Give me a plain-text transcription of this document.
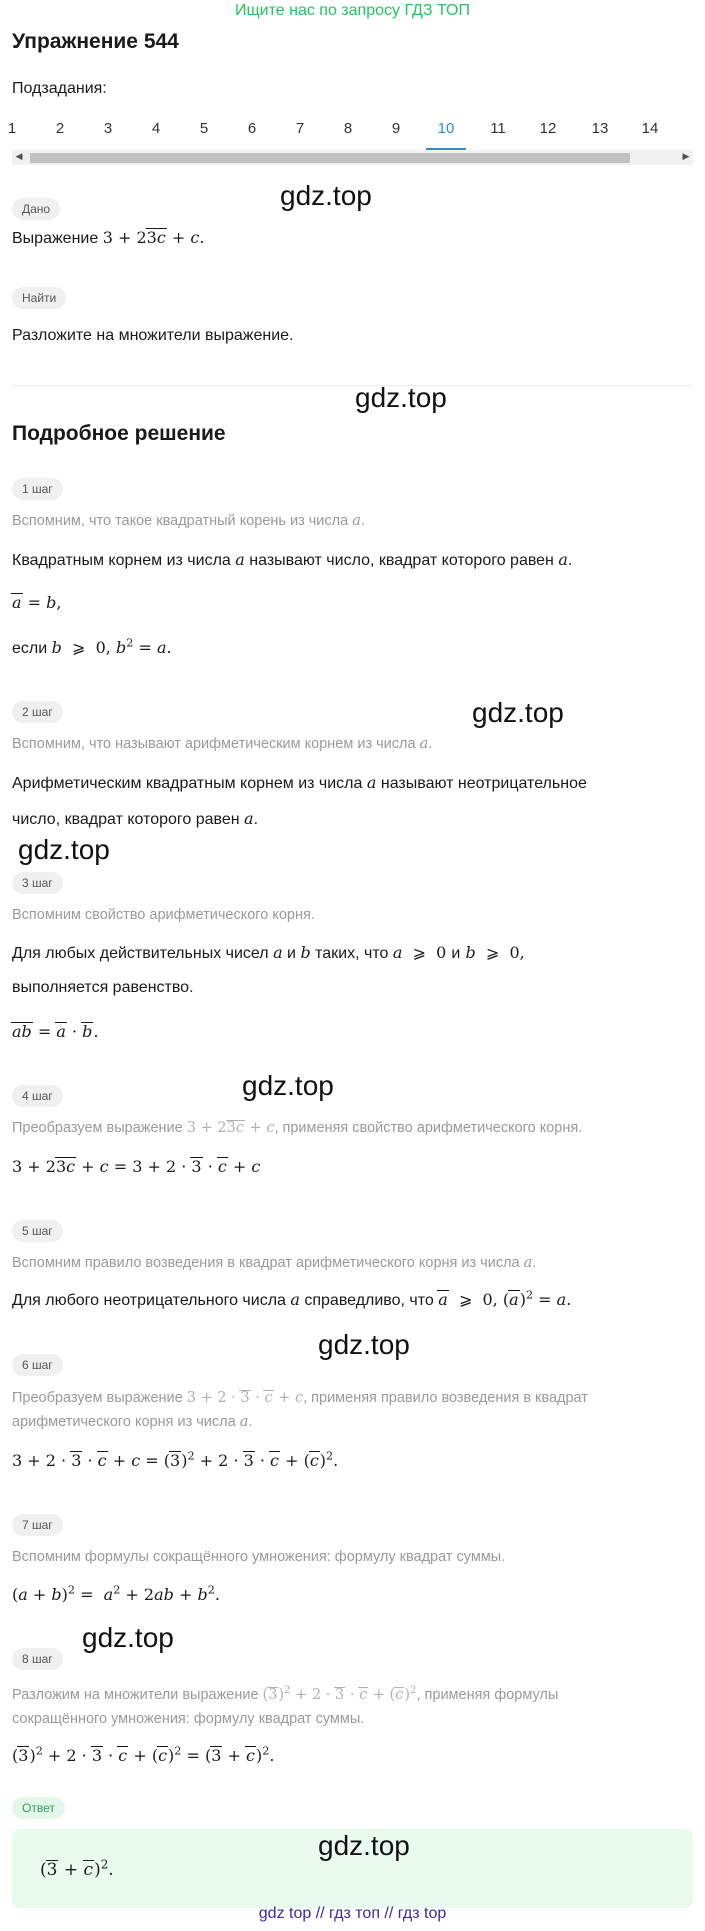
Ищите нас по запросу ГДЗ ТОП
Упражнение 544
Подзадания:
1	2	3	4	5	6	7	8	9	10	11	12	13	14
◀	▶
Дано	gdz.top
Выражение 3 + 23c + c.
Найти
Разложите на множители выражение.
gdz.top
Подробное решение
1 шаг
Вспомним, что такое квадратный корень из числа a.
Квадратным корнем из числа a называют число, квадрат которого равен a.
a = b,
если b  ⩾  0, $b^2 = a$.
2 шаг	gdz.top
Вспомним, что называют арифметическим корнем из числа a.
Арифметическим квадратным корнем из числа a называют неотрицательное
число, квадрат которого равен a.
gdz.top
3 шаг
Вспомним свойство арифметического корня.
Для любых действительных чисел a и b таких, что a  ⩾  0 и b  ⩾  0,
выполняется равенство.
ab = a · b.
4 шаг	gdz.top
Преобразуем выражение 3 + 23c + c, применяя свойство арифметического корня.
3 + 23c + c = 3 + 2 · 3 · c + c
5 шаг
Вспомним правило возведения в квадрат арифметического корня из числа a.
Для любого неотрицательного числа a справедливо, что a  ⩾  0, $(a)^2 = a$.
gdz.top
6 шаг
Преобразуем выражение 3 + 2 · 3 · c + c, применяя правило возведения в квадрат
арифметического корня из числа a.
$3 + 2 \cdot 3 \cdot c + c = (3)^2 + 2 \cdot 3 \cdot c + (c)^2$.
7 шаг
Вспомним формулы сокращённого умножения: формулу квадрат суммы.
$(a + b)^2 = a^2 + 2ab + b^2$.
8 шаг
gdz.top
Разложим на множители выражение $(3)^2 + 2 \cdot 3 \cdot c + (c)^2$, применяя формулы
сокращённого умножения: формулу квадрат суммы.
$(3)^2 + 2 \cdot 3 \cdot c + (c)^2 = (3 + c)^2$.
Ответ
gdz.top
$(3 + c)^2$.
gdz top // гдз топ // гдз top
